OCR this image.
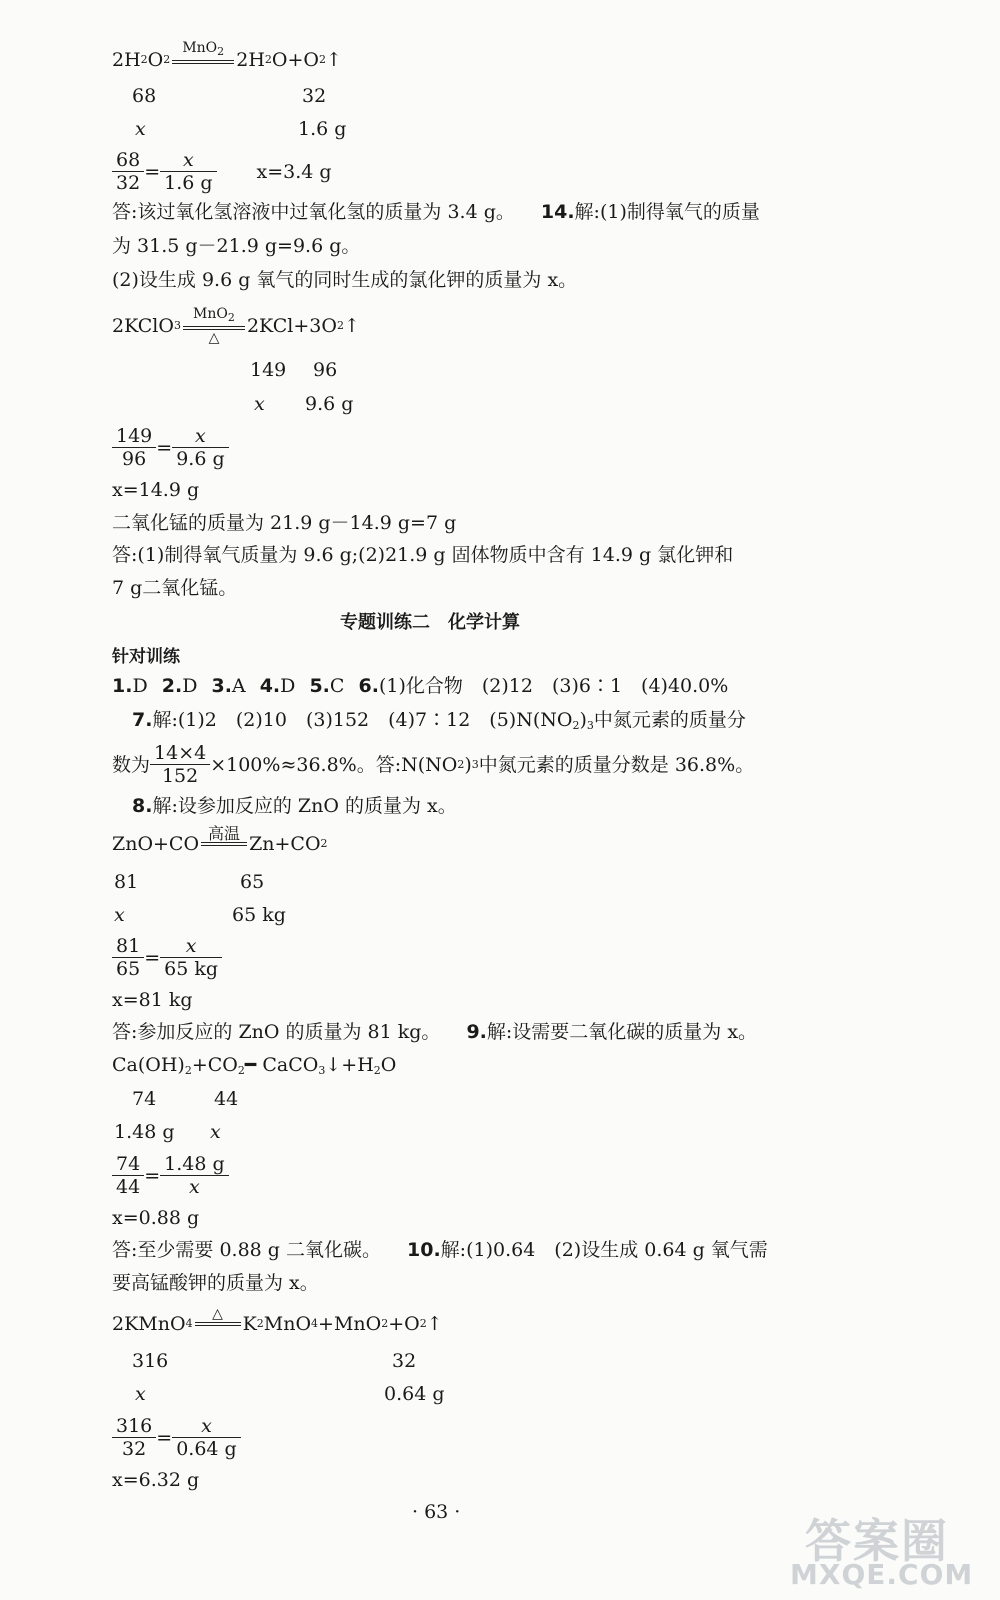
2H 2 O 2
MnO$_2$ 2H 2 O+O 2 ↑
68	32
x	1.6 g
$\frac{68}{32} = \frac{x}{1.6 g} x=3.4$ g
答:该过氧化氢溶液中过氧化氢的质量为 3.4 g。 14.解:(1)制得氧气的质量
为 31.5 g－21.9 g=9.6 g。
(2)设生成 9.6 g 氧气的同时生成的氯化钾的质量为 x。
2KClO 3
MnO$_2$
△
2KCl+3O 2 ↑
149 96
x 9.6 g
$\frac{149}{96} = \frac{x}{9.6 g}$
x=14.9 g
二氧化锰的质量为 21.9 g－14.9 g=7 g
答:(1)制得氧气质量为 9.6 g;(2)21.9 g 固体物质中含有 14.9 g 氯化钾和
7 g二氧化锰。
专题训练二　化学计算
针对训练
1.D 2.D 3.A 4.D 5.C 6.(1)化合物　(2)12　(3)6∶1　(4)40.0%
7.解:(1)2　(2)10　(3)152　(4)7∶12　$(5)N(NO_2)_3$中氮元素的质量分
数为 $\frac{14\times 4}{152} \times 100\%\approx 36.8\%$。答:N(NO 2 ) 3 中氮元素的质量分数是 36.8%。
8.解:设参加反应的 ZnO 的质量为 x。
ZnO+CO 高温 Zn+CO 2
81	65
x	65 kg
$\frac{81}{65} = \frac{x}{65 kg}$
x=81 kg
答:参加反应的 ZnO 的质量为 81 kg。 9.解:设需要二氧化碳的质量为 x。
$Ca(OH)_2+CO_2━$ $CaCO_3↓+H_2O$
74	44
1.48 g x
$\frac{74}{44} = \frac{1.48 g}{x}$
x=0.88 g
答:至少需要 0.88 g 二氧化碳。 10.解:(1)0.64　(2)设生成 0.64 g 氧气需
要高锰酸钾的质量为 x。
2KMnO 4
△	K 2 MnO 4 +MnO 2 +O 2 ↑
316	32
x	0.64 g
$\frac{316}{32} = \frac{x}{0.64 g}$
x=6.32 g
· 63 ·
答案圈
MXQE.COM
